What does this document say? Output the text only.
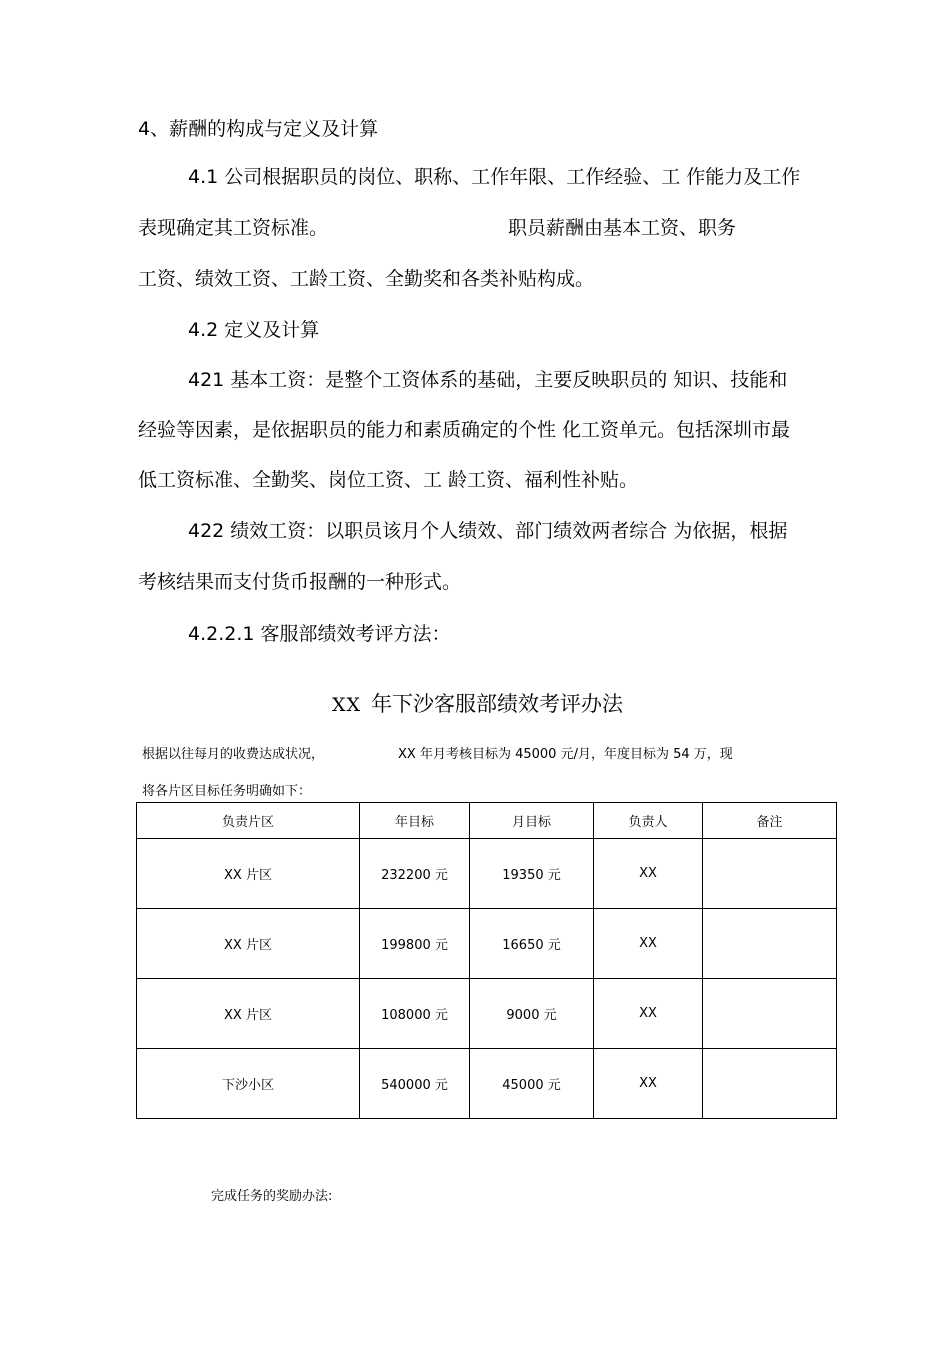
4、薪酬的构成与定义及计算
4.1 公司根据职员的岗位、职称、工作年限、工作经验、工 作能力及工作
表现确定其工资标准。	职员薪酬由基本工资、职务
工资、绩效工资、工龄工资、全勤奖和各类补贴构成。
4.2 定义及计算
421 基本工资：是整个工资体系的基础，主要反映职员的 知识、技能和
经验等因素，是依据职员的能力和素质确定的个性 化工资单元。包括深圳市最
低工资标准、全勤奖、岗位工资、工 龄工资、福利性补贴。
422 绩效工资：以职员该月个人绩效、部门绩效两者综合 为依据，根据
考核结果而支付货币报酬的一种形式。
4.2.2.1 客服部绩效考评方法：
XX 年下沙客服部绩效考评办法
根据以往每月的收费达成状况，	XX 年月考核目标为 45000 元/月，年度目标为 54 万，现
将各片区目标任务明确如下：
负责片区	年目标	月目标	负责人	备注
XX 片区	232200 元	19350 元	XX	
XX 片区	199800 元	16650 元	XX	
XX 片区	108000 元	9000 元	XX	
下沙小区	540000 元	45000 元	XX	
完成任务的奖励办法:
